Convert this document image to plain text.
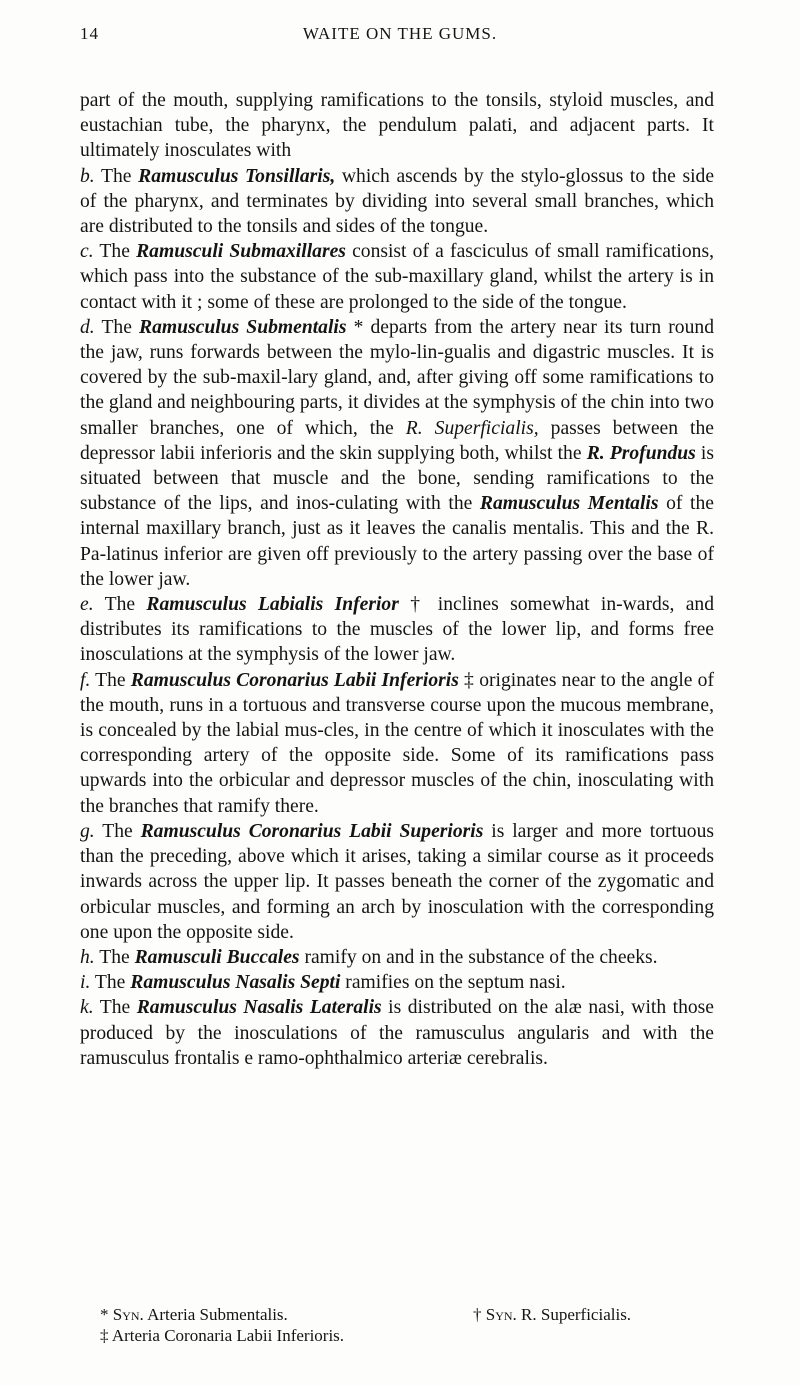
14	WAITE ON THE GUMS.

part of the mouth, supplying ramifications to the tonsils, styloid muscles, and eustachian tube, the pharynx, the pendulum palati, and adjacent parts. It ultimately inosculates with

b. The Ramusculus Tonsillaris, which ascends by the stylo-glossus to the side of the pharynx, and terminates by dividing into several small branches, which are distributed to the tonsils and sides of the tongue.

c. The Ramusculi Submaxillares consist of a fasciculus of small ramifications, which pass into the substance of the sub-maxillary gland, whilst the artery is in contact with it ; some of these are prolonged to the side of the tongue.

d. The Ramusculus Submentalis * departs from the artery near its turn round the jaw, runs forwards between the mylo-lin-gualis and digastric muscles. It is covered by the sub-maxil-lary gland, and, after giving off some ramifications to the gland and neighbouring parts, it divides at the symphysis of the chin into two smaller branches, one of which, the R. Superficialis, passes between the depressor labii inferioris and the skin supplying both, whilst the R. Profundus is situated between that muscle and the bone, sending ramifications to the substance of the lips, and inos-culating with the Ramusculus Mentalis of the internal maxillary branch, just as it leaves the canalis mentalis. This and the R. Pa-latinus inferior are given off previously to the artery passing over the base of the lower jaw.

e. The Ramusculus Labialis Inferior † inclines somewhat in-wards, and distributes its ramifications to the muscles of the lower lip, and forms free inosculations at the symphysis of the lower jaw.

f. The Ramusculus Coronarius Labii Inferioris ‡ originates near to the angle of the mouth, runs in a tortuous and transverse course upon the mucous membrane, is concealed by the labial mus-cles, in the centre of which it inosculates with the corresponding artery of the opposite side. Some of its ramifications pass upwards into the orbicular and depressor muscles of the chin, inosculating with the branches that ramify there.

g. The Ramusculus Coronarius Labii Superioris is larger and more tortuous than the preceding, above which it arises, taking a similar course as it proceeds inwards across the upper lip. It passes beneath the corner of the zygomatic and orbicular muscles, and forming an arch by inosculation with the corresponding one upon the opposite side.

h. The Ramusculi Buccales ramify on and in the substance of the cheeks.

i. The Ramusculus Nasalis Septi ramifies on the septum nasi.

k. The Ramusculus Nasalis Lateralis is distributed on the alæ nasi, with those produced by the inosculations of the ramusculus angularis and with the ramusculus frontalis e ramo-ophthalmico arteriæ cerebralis.

* Syn. Arteria Submentalis.	† Syn. R. Superficialis.
‡ Arteria Coronaria Labii Inferioris.
